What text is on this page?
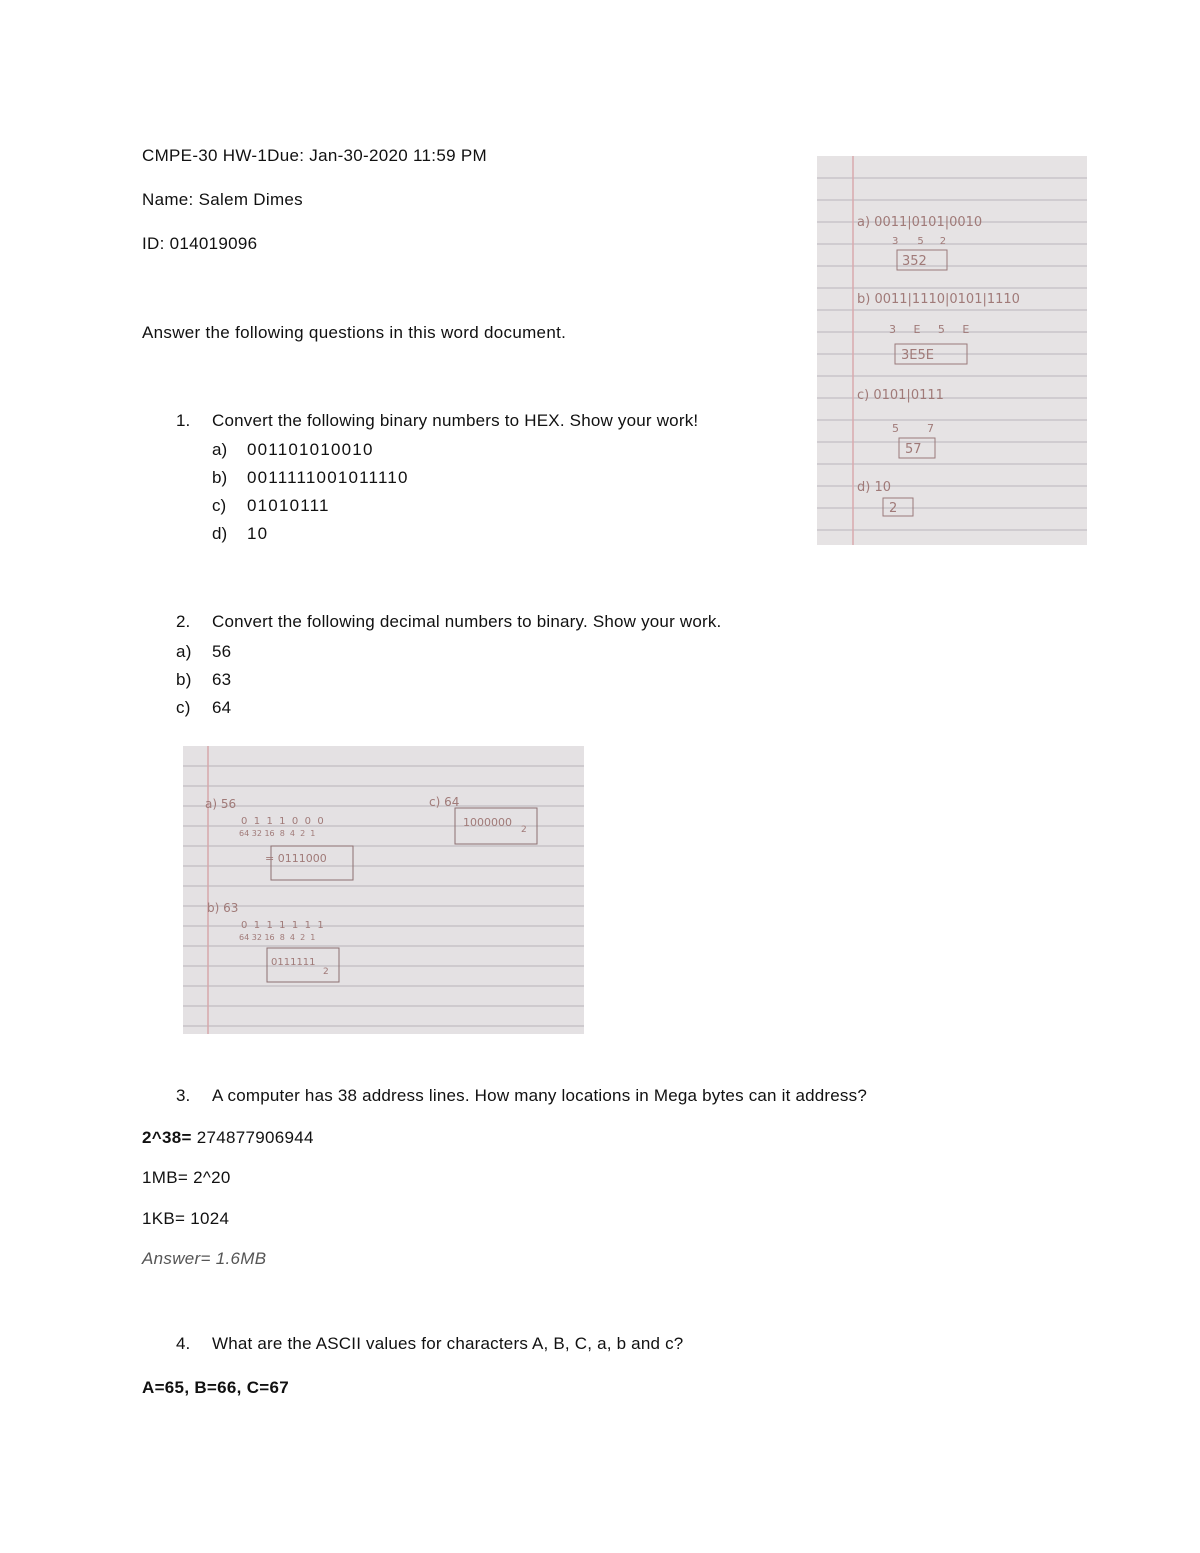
CMPE-30 HW-1Due: Jan-30-2020 11:59 PM
Name: Salem Dimes
ID: 014019096
Answer the following questions in this word document.
1. Convert the following binary numbers to HEX. Show your work!
a) 001101010010
b) 0011111001011110
c) 01010111
d) 10
a) 0011|0101|0010
3      5     2
352
b) 0011|1110|0101|1110
3     E     5     E
3E5E
c) 0101|0111
5        7
57
d) 10
2
2. Convert the following decimal numbers to binary. Show your work.
a) 56
b) 63
c) 64
a) 56
0  1  1  1  0  0  0
64 32 16  8  4  2  1
= 0111000
b) 63
0  1  1  1  1  1  1
64 32 16  8  4  2  1
0111111
2
c) 64
1000000
2
3. A computer has 38 address lines. How many locations in Mega bytes can it address?
2^38= 274877906944
1MB= 2^20
1KB= 1024
Answer= 1.6MB
4. What are the ASCII values for characters A, B, C, a, b and c?
A=65, B=66, C=67
